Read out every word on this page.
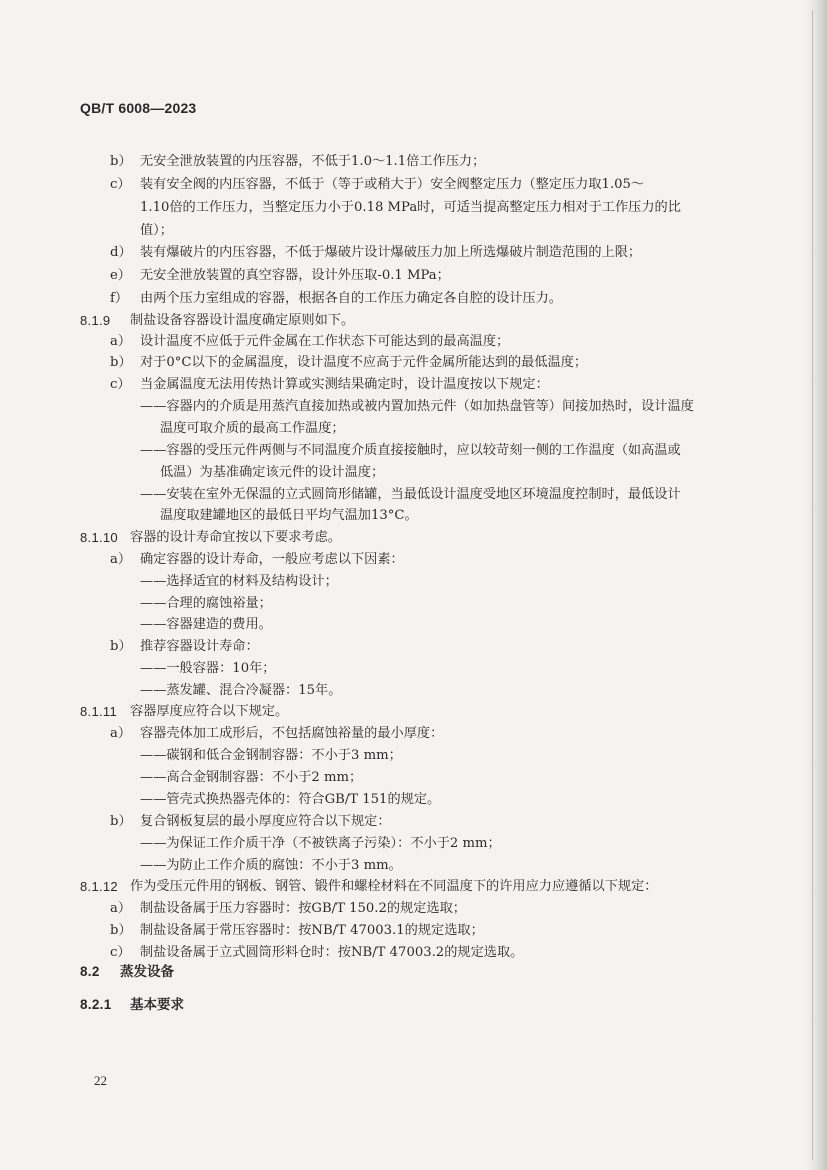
QB/T 6008—2023
b） 无安全泄放装置的内压容器，不低于1.0～1.1倍工作压力；
c） 装有安全阀的内压容器，不低于（等于或稍大于）安全阀整定压力（整定压力取1.05～
1.10倍的工作压力，当整定压力小于0.18 MPa时，可适当提高整定压力相对于工作压力的比
值）；
d） 装有爆破片的内压容器，不低于爆破片设计爆破压力加上所选爆破片制造范围的上限；
e） 无安全泄放装置的真空容器，设计外压取-0.1 MPa；
f） 由两个压力室组成的容器，根据各自的工作压力确定各自腔的设计压力。
8.1.9 制盐设备容器设计温度确定原则如下。
a） 设计温度不应低于元件金属在工作状态下可能达到的最高温度；
b） 对于0°C以下的金属温度，设计温度不应高于元件金属所能达到的最低温度；
c） 当金属温度无法用传热计算或实测结果确定时，设计温度按以下规定：
——容器内的介质是用蒸汽直接加热或被内置加热元件（如加热盘管等）间接加热时，设计温度
温度可取介质的最高工作温度；
——容器的受压元件两侧与不同温度介质直接接触时，应以较苛刻一侧的工作温度（如高温或
低温）为基准确定该元件的设计温度；
——安装在室外无保温的立式圆筒形储罐，当最低设计温度受地区环境温度控制时，最低设计
温度取建罐地区的最低日平均气温加13°C。
8.1.10 容器的设计寿命宜按以下要求考虑。
a） 确定容器的设计寿命，一般应考虑以下因素：
——选择适宜的材料及结构设计；
——合理的腐蚀裕量；
——容器建造的费用。
b） 推荐容器设计寿命：
——一般容器：10年；
——蒸发罐、混合冷凝器：15年。
8.1.11 容器厚度应符合以下规定。
a） 容器壳体加工成形后，不包括腐蚀裕量的最小厚度：
——碳钢和低合金钢制容器：不小于3 mm；
——高合金钢制容器：不小于2 mm；
——管壳式换热器壳体的：符合GB/T 151的规定。
b） 复合钢板复层的最小厚度应符合以下规定：
——为保证工作介质干净（不被铁离子污染）：不小于2 mm；
——为防止工作介质的腐蚀：不小于3 mm。
8.1.12 作为受压元件用的钢板、钢管、锻件和螺栓材料在不同温度下的许用应力应遵循以下规定：
a） 制盐设备属于压力容器时：按GB/T 150.2的规定选取；
b） 制盐设备属于常压容器时：按NB/T 47003.1的规定选取；
c） 制盐设备属于立式圆筒形料仓时：按NB/T 47003.2的规定选取。
8.2 蒸发设备
8.2.1 基本要求
22
